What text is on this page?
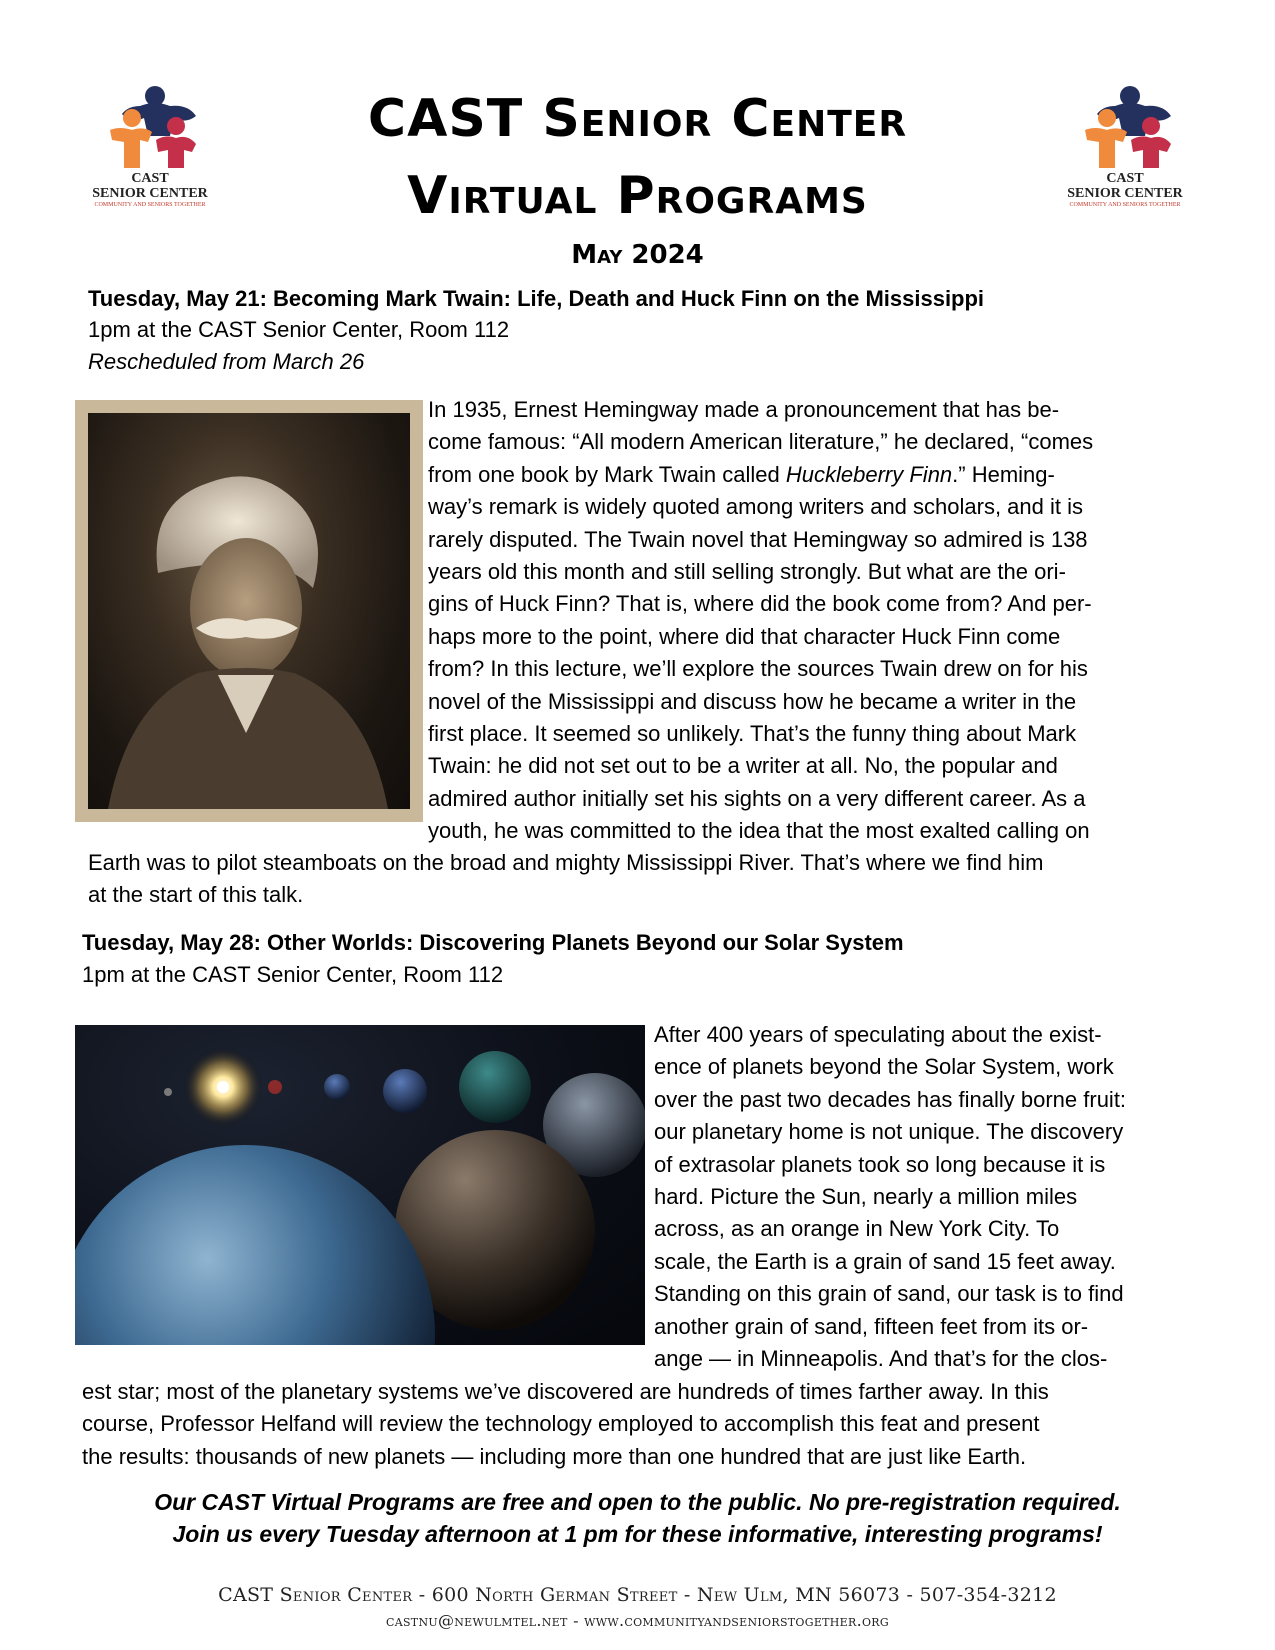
CAST
SENIOR CENTER
COMMUNITY AND SENIORS TOGETHER
CAST
SENIOR CENTER
COMMUNITY AND SENIORS TOGETHER
CAST Senior Center
Virtual Programs
May 2024
Tuesday, May 21: Becoming Mark Twain: Life, Death and Huck Finn on the Mississippi
1pm at the CAST Senior Center, Room 112
Rescheduled from March 26
In 1935, Ernest Hemingway made a pronouncement that has be-
come famous: “All modern American literature,” he declared, “comes
from one book by Mark Twain called Huckleberry Finn.” Heming-
way’s remark is widely quoted among writers and scholars, and it is
rarely disputed. The Twain novel that Hemingway so admired is 138
years old this month and still selling strongly. But what are the ori-
gins of Huck Finn? That is, where did the book come from? And per-
haps more to the point, where did that character Huck Finn come
from? In this lecture, we’ll explore the sources Twain drew on for his
novel of the Mississippi and discuss how he became a writer in the
first place. It seemed so unlikely. That’s the funny thing about Mark
Twain: he did not set out to be a writer at all. No, the popular and
admired author initially set his sights on a very different career. As a
youth, he was committed to the idea that the most exalted calling on
Earth was to pilot steamboats on the broad and mighty Mississippi River. That’s where we find him
at the start of this talk.
Tuesday, May 28: Other Worlds: Discovering Planets Beyond our Solar System
1pm at the CAST Senior Center, Room 112
After 400 years of speculating about the exist-
ence of planets beyond the Solar System, work
over the past two decades has finally borne fruit:
our planetary home is not unique. The discovery
of extrasolar planets took so long because it is
hard. Picture the Sun, nearly a million miles
across, as an orange in New York City. To
scale, the Earth is a grain of sand 15 feet away.
Standing on this grain of sand, our task is to find
another grain of sand, fifteen feet from its or-
ange — in Minneapolis. And that’s for the clos-
est star; most of the planetary systems we’ve discovered are hundreds of times farther away. In this
course, Professor Helfand will review the technology employed to accomplish this feat and present
the results: thousands of new planets — including more than one hundred that are just like Earth.
Our CAST Virtual Programs are free and open to the public. No pre-registration required.
Join us every Tuesday afternoon at 1 pm for these informative, interesting programs!
CAST Senior Center - 600 North German Street - New Ulm, MN 56073 - 507-354-3212
castnu@newulmtel.net - www.communityandseniorstogether.org
